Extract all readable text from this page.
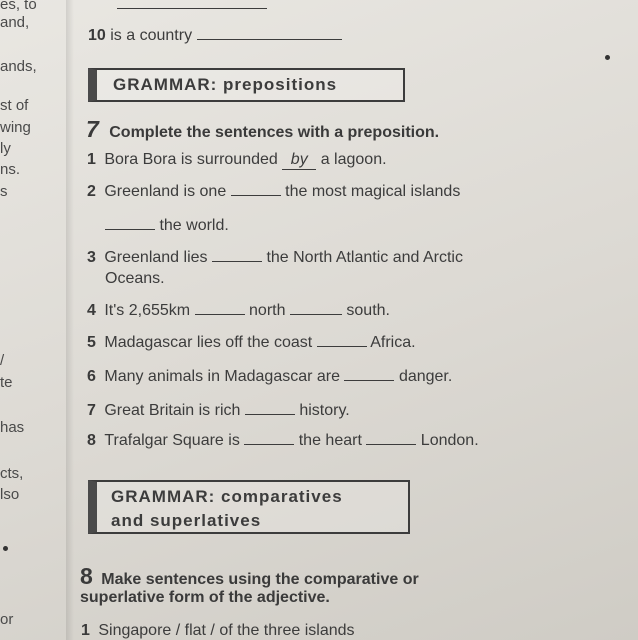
es, to
and,
ands,
st of
wing
ly
ns.
s
/
te
has
cts,
lso
or
10 is a country
GRAMMAR: prepositions
7 Complete the sentences with a preposition.
1 Bora Bora is surrounded by a lagoon.
2 Greenland is one	the most magical islands
the world.
3 Greenland lies	the North Atlantic and Arctic
Oceans.
4 It's 2,655km	north	south.
5 Madagascar lies off the coast	Africa.
6 Many animals in Madagascar are	danger.
7 Great Britain is rich	history.
8 Trafalgar Square is	the heart	London.
GRAMMAR: comparatives
and superlatives
8 Make sentences using the comparative or
superlative form of the adjective.
1 Singapore / flat / of the three islands
